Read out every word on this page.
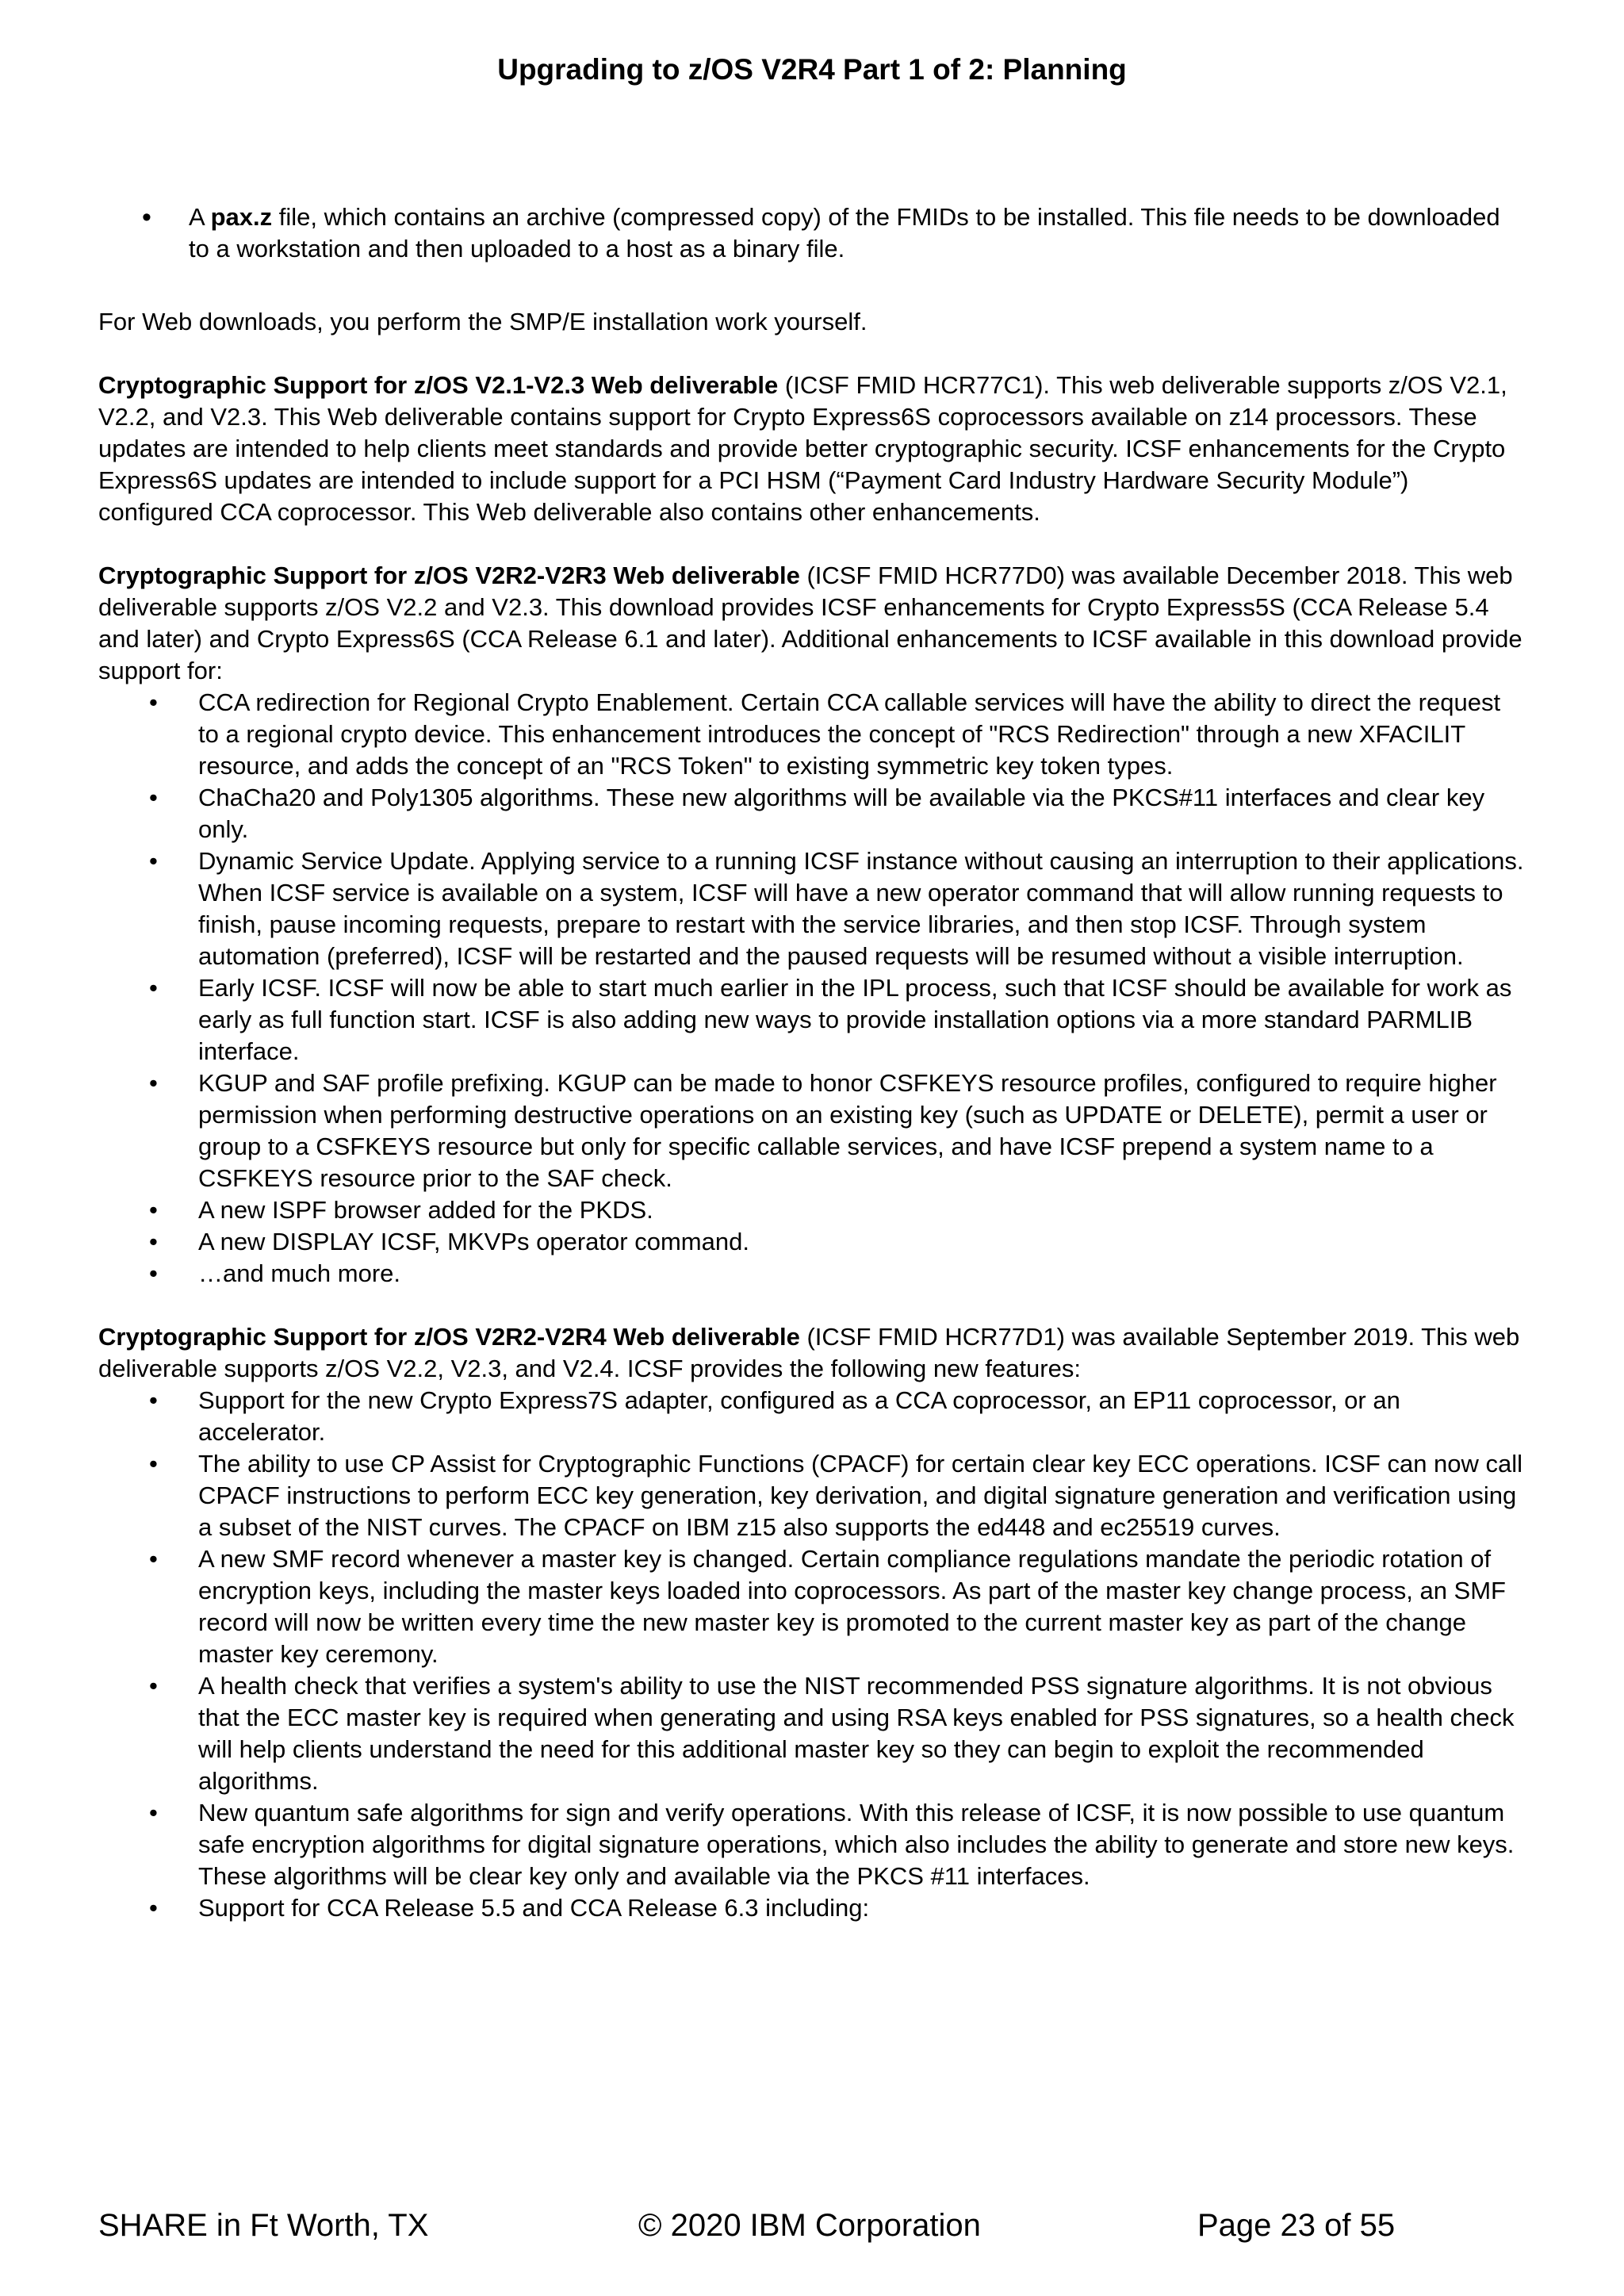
Upgrading to z/OS V2R4 Part 1 of 2: Planning
• A pax.z file, which contains an archive (compressed copy) of the FMIDs to be installed. This file needs to be downloaded to a workstation and then uploaded to a host as a binary file.

For Web downloads, you perform the SMP/E installation work yourself.

Cryptographic Support for z/OS V2.1-V2.3 Web deliverable (ICSF FMID HCR77C1). This web deliverable supports z/OS V2.1, V2.2, and V2.3. This Web deliverable contains support for Crypto Express6S coprocessors available on z14 processors. These updates are intended to help clients meet standards and provide better cryptographic security. ICSF enhancements for the Crypto Express6S updates are intended to include support for a PCI HSM (“Payment Card Industry Hardware Security Module”) configured CCA coprocessor. This Web deliverable also contains other enhancements.

Cryptographic Support for z/OS V2R2-V2R3 Web deliverable (ICSF FMID HCR77D0) was available December 2018. This web deliverable supports z/OS V2.2 and V2.3. This download provides ICSF enhancements for Crypto Express5S (CCA Release 5.4 and later) and Crypto Express6S (CCA Release 6.1 and later). Additional enhancements to ICSF available in this download provide support for:

• CCA redirection for Regional Crypto Enablement. Certain CCA callable services will have the ability to direct the request to a regional crypto device. This enhancement introduces the concept of "RCS Redirection" through a new XFACILIT resource, and adds the concept of an "RCS Token" to existing symmetric key token types.
• ChaCha20 and Poly1305 algorithms. These new algorithms will be available via the PKCS#11 interfaces and clear key only.
• Dynamic Service Update. Applying service to a running ICSF instance without causing an interruption to their applications. When ICSF service is available on a system, ICSF will have a new operator command that will allow running requests to finish, pause incoming requests, prepare to restart with the service libraries, and then stop ICSF. Through system automation (preferred), ICSF will be restarted and the paused requests will be resumed without a visible interruption.
• Early ICSF. ICSF will now be able to start much earlier in the IPL process, such that ICSF should be available for work as early as full function start. ICSF is also adding new ways to provide installation options via a more standard PARMLIB interface.
• KGUP and SAF profile prefixing. KGUP can be made to honor CSFKEYS resource profiles, configured to require higher permission when performing destructive operations on an existing key (such as UPDATE or DELETE), permit a user or group to a CSFKEYS resource but only for specific callable services, and have ICSF prepend a system name to a CSFKEYS resource prior to the SAF check.
• A new ISPF browser added for the PKDS.
• A new DISPLAY ICSF, MKVPs operator command.
• …and much more.

Cryptographic Support for z/OS V2R2-V2R4 Web deliverable (ICSF FMID HCR77D1) was available September 2019. This web deliverable supports z/OS V2.2, V2.3, and V2.4. ICSF provides the following new features:

• Support for the new Crypto Express7S adapter, configured as a CCA coprocessor, an EP11 coprocessor, or an accelerator.
• The ability to use CP Assist for Cryptographic Functions (CPACF) for certain clear key ECC operations. ICSF can now call CPACF instructions to perform ECC key generation, key derivation, and digital signature generation and verification using a subset of the NIST curves. The CPACF on IBM z15 also supports the ed448 and ec25519 curves.
• A new SMF record whenever a master key is changed. Certain compliance regulations mandate the periodic rotation of encryption keys, including the master keys loaded into coprocessors. As part of the master key change process, an SMF record will now be written every time the new master key is promoted to the current master key as part of the change master key ceremony.
• A health check that verifies a system's ability to use the NIST recommended PSS signature algorithms. It is not obvious that the ECC master key is required when generating and using RSA keys enabled for PSS signatures, so a health check will help clients understand the need for this additional master key so they can begin to exploit the recommended algorithms.
• New quantum safe algorithms for sign and verify operations. With this release of ICSF, it is now possible to use quantum safe encryption algorithms for digital signature operations, which also includes the ability to generate and store new keys. These algorithms will be clear key only and available via the PKCS #11 interfaces.
• Support for CCA Release 5.5 and CCA Release 6.3 including:
SHARE in Ft Worth, TX	© 2020 IBM Corporation	Page 23 of 55
